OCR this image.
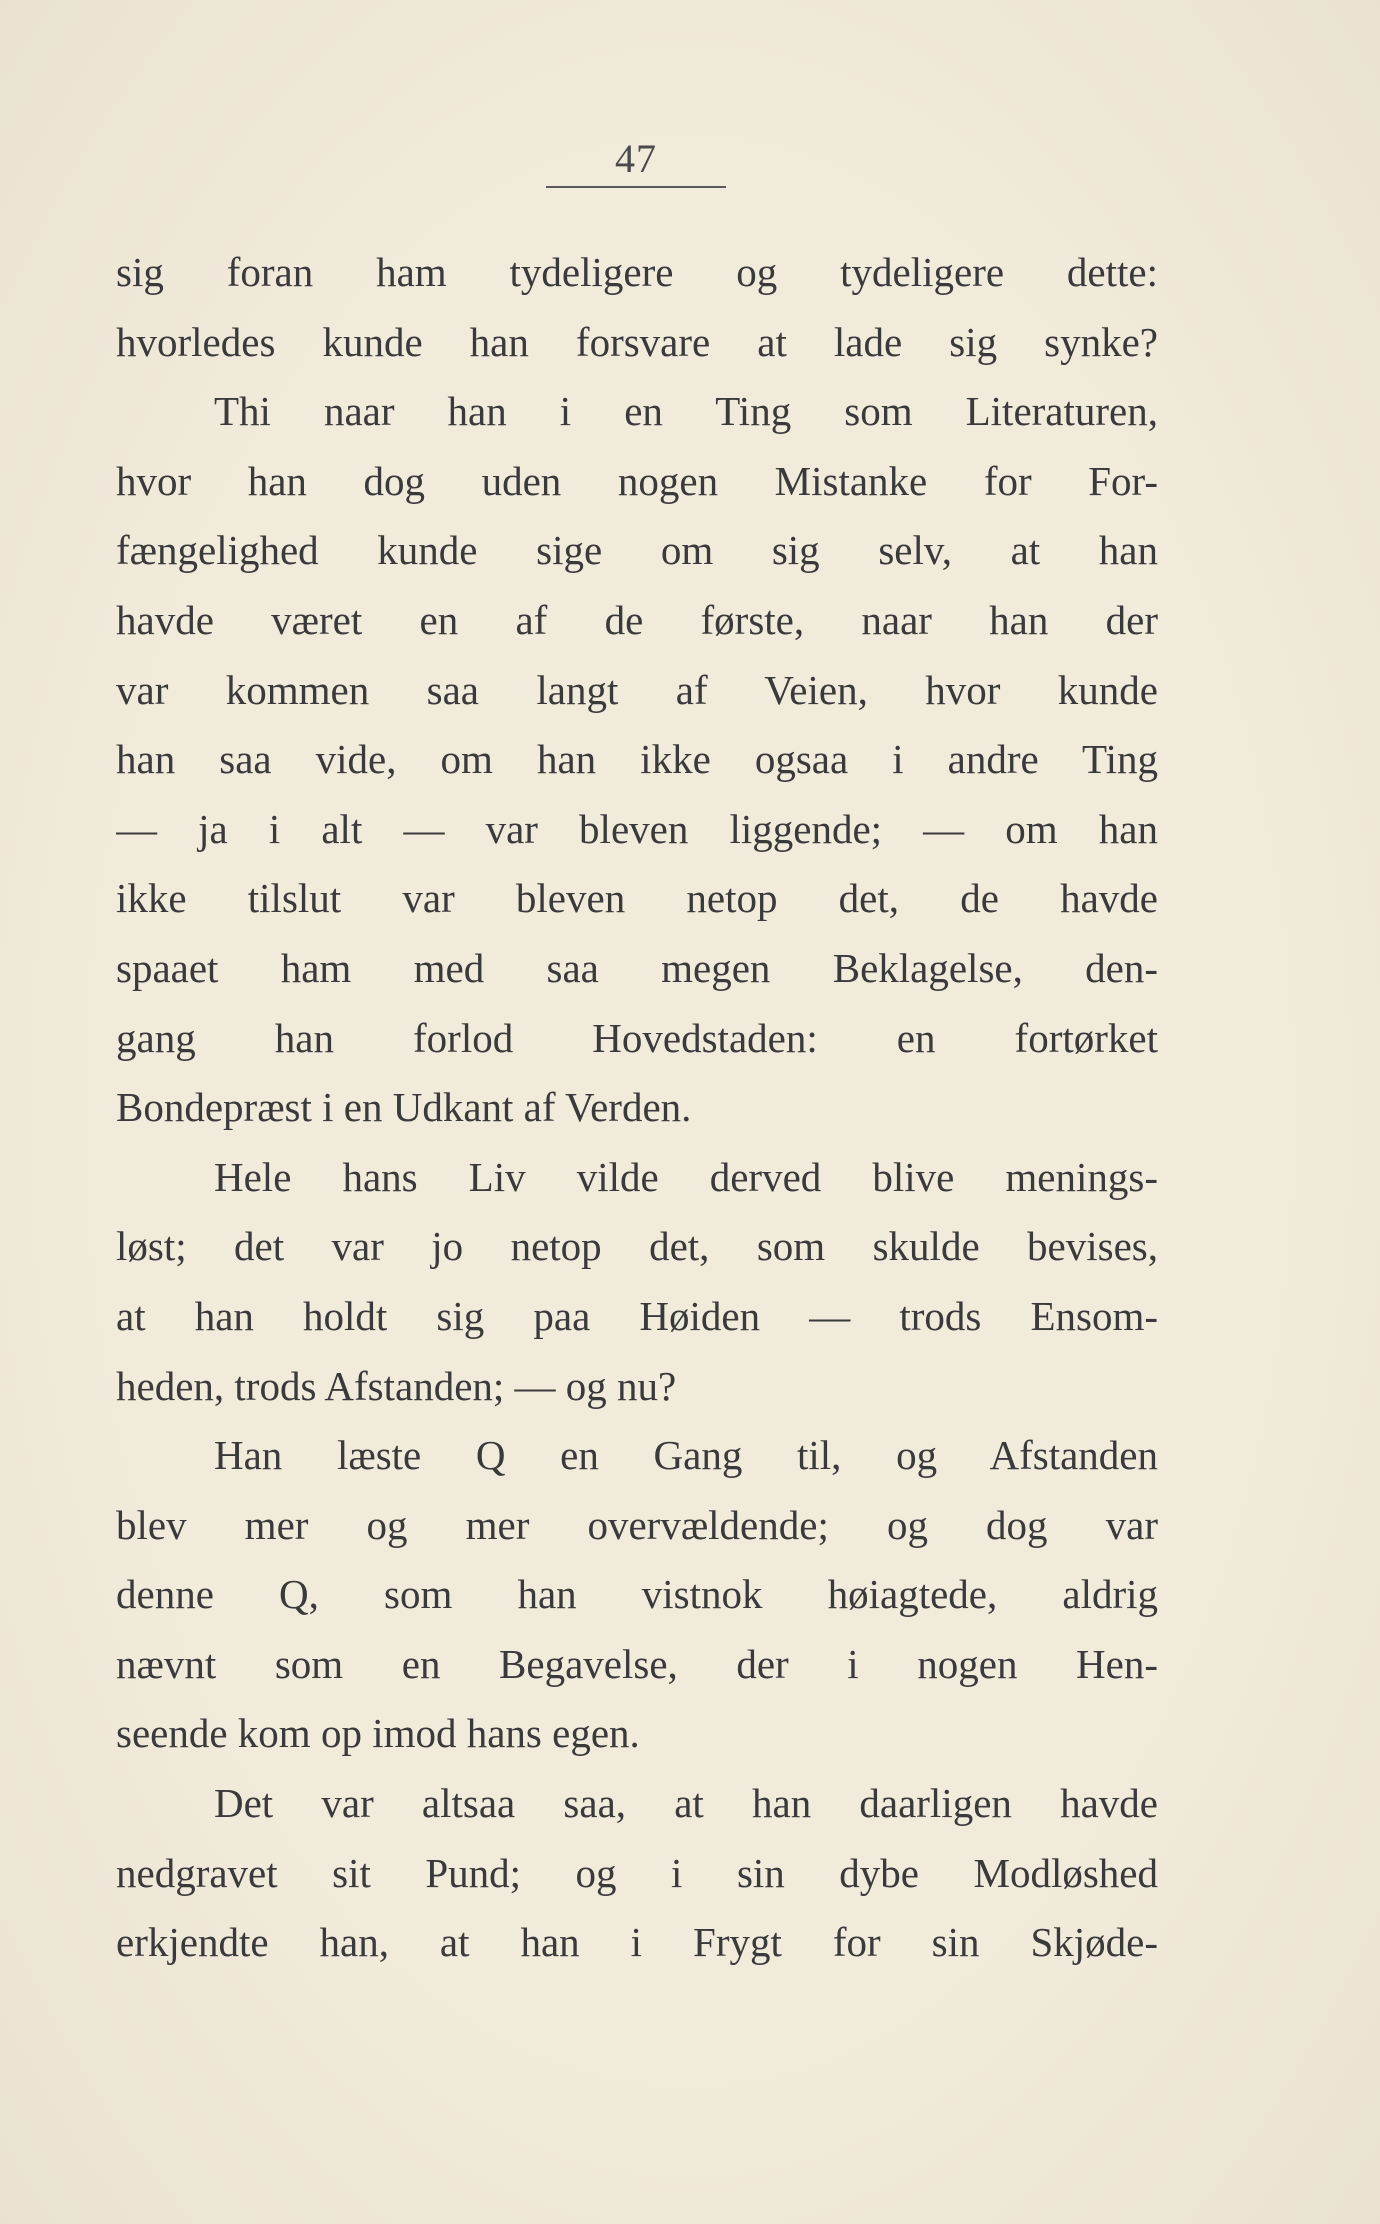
47
sig foran ham tydeligere og tydeligere dette:
hvorledes kunde han forsvare at lade sig synke?
Thi naar han i en Ting som Literaturen,
hvor han dog uden nogen Mistanke for For-
fængelighed kunde sige om sig selv, at han
havde været en af de første, naar han der
var kommen saa langt af Veien, hvor kunde
han saa vide, om han ikke ogsaa i andre Ting
— ja i alt — var bleven liggende; — om han
ikke tilslut var bleven netop det, de havde
spaaet ham med saa megen Beklagelse, den-
gang han forlod Hovedstaden: en fortørket
Bondepræst i en Udkant af Verden.
Hele hans Liv vilde derved blive menings-
løst; det var jo netop det, som skulde bevises,
at han holdt sig paa Høiden — trods Ensom-
heden, trods Afstanden; — og nu?
Han læste Q en Gang til, og Afstanden
blev mer og mer overvældende; og dog var
denne Q, som han vistnok høiagtede, aldrig
nævnt som en Begavelse, der i nogen Hen-
seende kom op imod hans egen.
Det var altsaa saa, at han daarligen havde
nedgravet sit Pund; og i sin dybe Modløshed
erkjendte han, at han i Frygt for sin Skjøde-
